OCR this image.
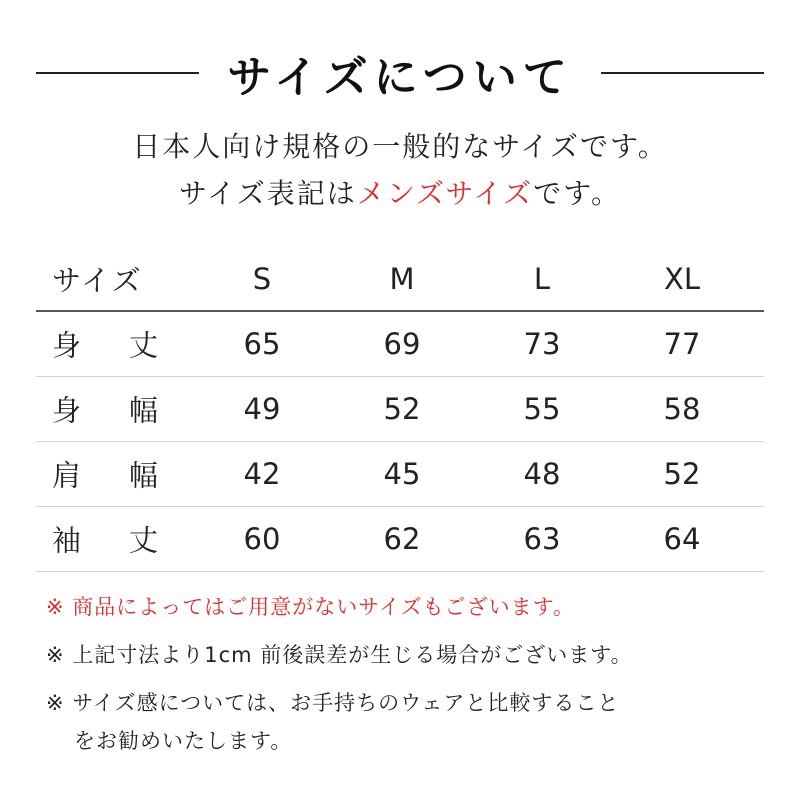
サイズについて
日本人向け規格の一般的なサイズです。
サイズ表記はメンズサイズです。
サイズ	S	M	L	XL
身 丈	65	69	73	77
身 幅	49	52	55	58
肩 幅	42	45	48	52
袖 丈	60	62	63	64
※ 商品によってはご用意がないサイズもございます。
※ 上記寸法より1cm 前後誤差が生じる場合がございます。
※ サイズ感については、お手持ちのウェアと比較すること
をお勧めいたします。
